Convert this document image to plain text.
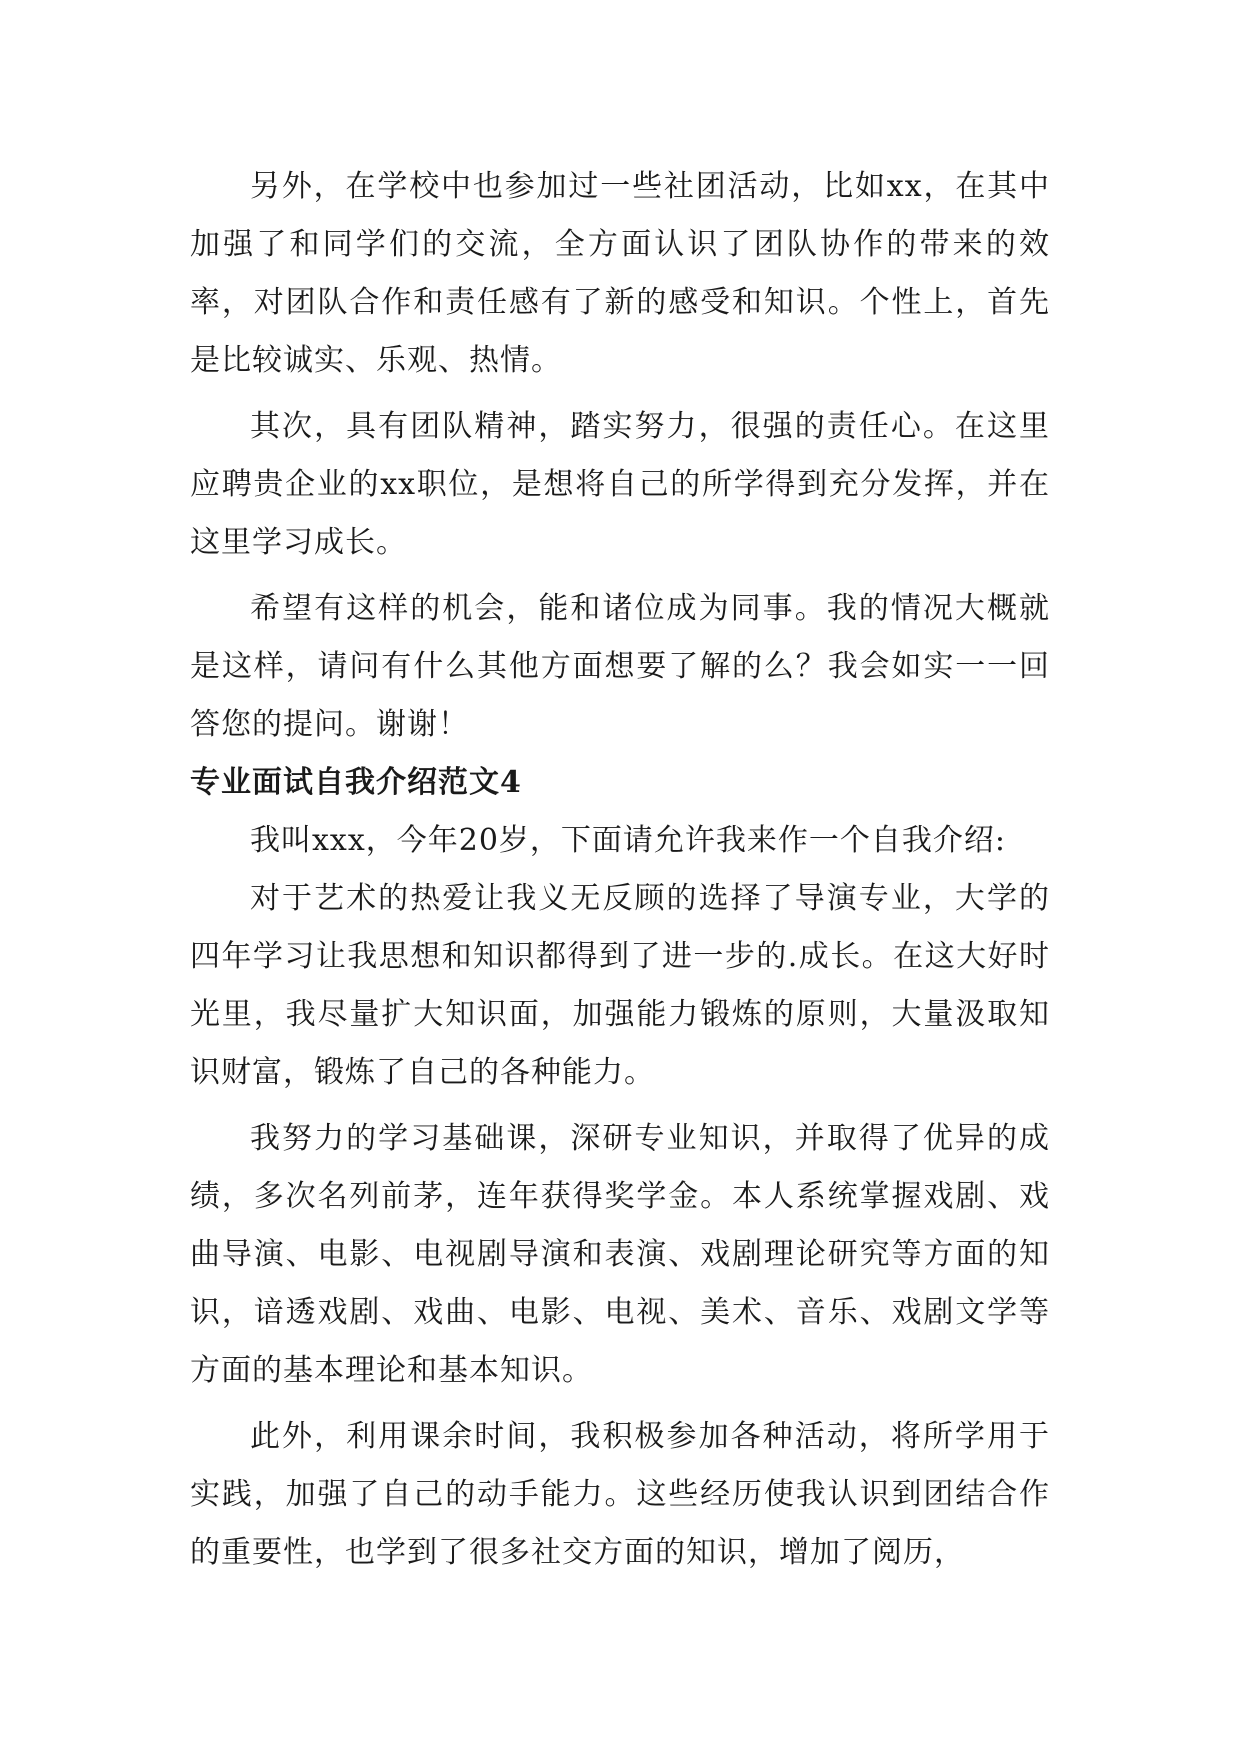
另外，在学校中也参加过一些社团活动，比如xx，在其中加强了和同学们的交流，全方面认识了团队协作的带来的效率，对团队合作和责任感有了新的感受和知识。个性上，首先是比较诚实、乐观、热情。

其次，具有团队精神，踏实努力，很强的责任心。在这里应聘贵企业的xx职位，是想将自己的所学得到充分发挥，并在这里学习成长。

希望有这样的机会，能和诸位成为同事。我的情况大概就是这样，请问有什么其他方面想要了解的么？我会如实一一回答您的提问。谢谢！

专业面试自我介绍范文4

我叫xxx，今年20岁，下面请允许我来作一个自我介绍:

对于艺术的热爱让我义无反顾的选择了导演专业，大学的四年学习让我思想和知识都得到了进一步的.成长。在这大好时光里，我尽量扩大知识面，加强能力锻炼的原则，大量汲取知识财富，锻炼了自己的各种能力。

我努力的学习基础课，深研专业知识，并取得了优异的成绩，多次名列前茅，连年获得奖学金。本人系统掌握戏剧、戏曲导演、电影、电视剧导演和表演、戏剧理论研究等方面的知识，谙透戏剧、戏曲、电影、电视、美术、音乐、戏剧文学等方面的基本理论和基本知识。

此外，利用课余时间，我积极参加各种活动，将所学用于实践，加强了自己的动手能力。这些经历使我认识到团结合作的重要性，也学到了很多社交方面的知识，增加了阅历，
